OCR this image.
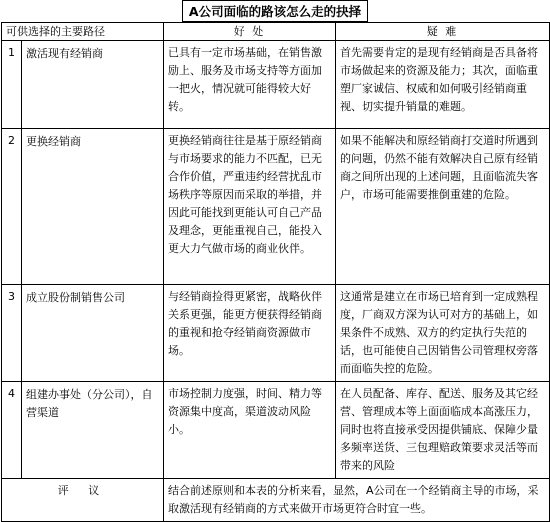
A公司面临的路该怎么走的抉择
可供选择的主要路径		好 处	疑 难
1	激活现有经销商	已具有一定市场基础，在销售激励上、服务及市场支持等方面加一把火，情况就可能得较大好转。	首先需要肯定的是现有经销商是否具备将市场做起来的资源及能力；其次，面临重塑厂家诚信、权威和如何吸引经销商重视、切实提升销量的难题。
2	更换经销商	更换经销商往往是基于原经销商与市场要求的能力不匹配，已无合作价值，严重违约经营扰乱市场秩序等原因而采取的举措，并因此可能找到更能认可自己产品及理念，更能重视自己，能投入更大力气做市场的商业伙伴。	如果不能解决和原经销商打交道时所遇到的问题，仍然不能有效解决自己原有经销商之间所出现的上述问题，且面临流失客户，市场可能需要推倒重建的危险。
3	成立股份制销售公司	与经销商捡得更紧密，战略伙伴关系更强，能更方便获得经销商的重视和抢夺经销商资源做市场。	这通常是建立在市场已培育到一定成熟程度，厂商双方深为认可对方的基础上，如果条件不成熟、双方的约定执行失范的话，也可能使自己因销售公司管理权旁落而面临失控的危险。
4	组建办事处（分公司），自营渠道	市场控制力度强，时间、精力等资源集中度高，渠道波动风险小。	在人员配备、库存、配送、服务及其它经营、管理成本等上面面临成本高涨压力，同时也将直接承受因提供铺底、保障少量多频率送货、三包理赔政策要求灵活等而带来的风险
评 议		结合前述原则和本表的分析来看，显然，A公司在一个经销商主导的市场，采取激活现有经销商的方式来做开市场更符合时宜一些。	
